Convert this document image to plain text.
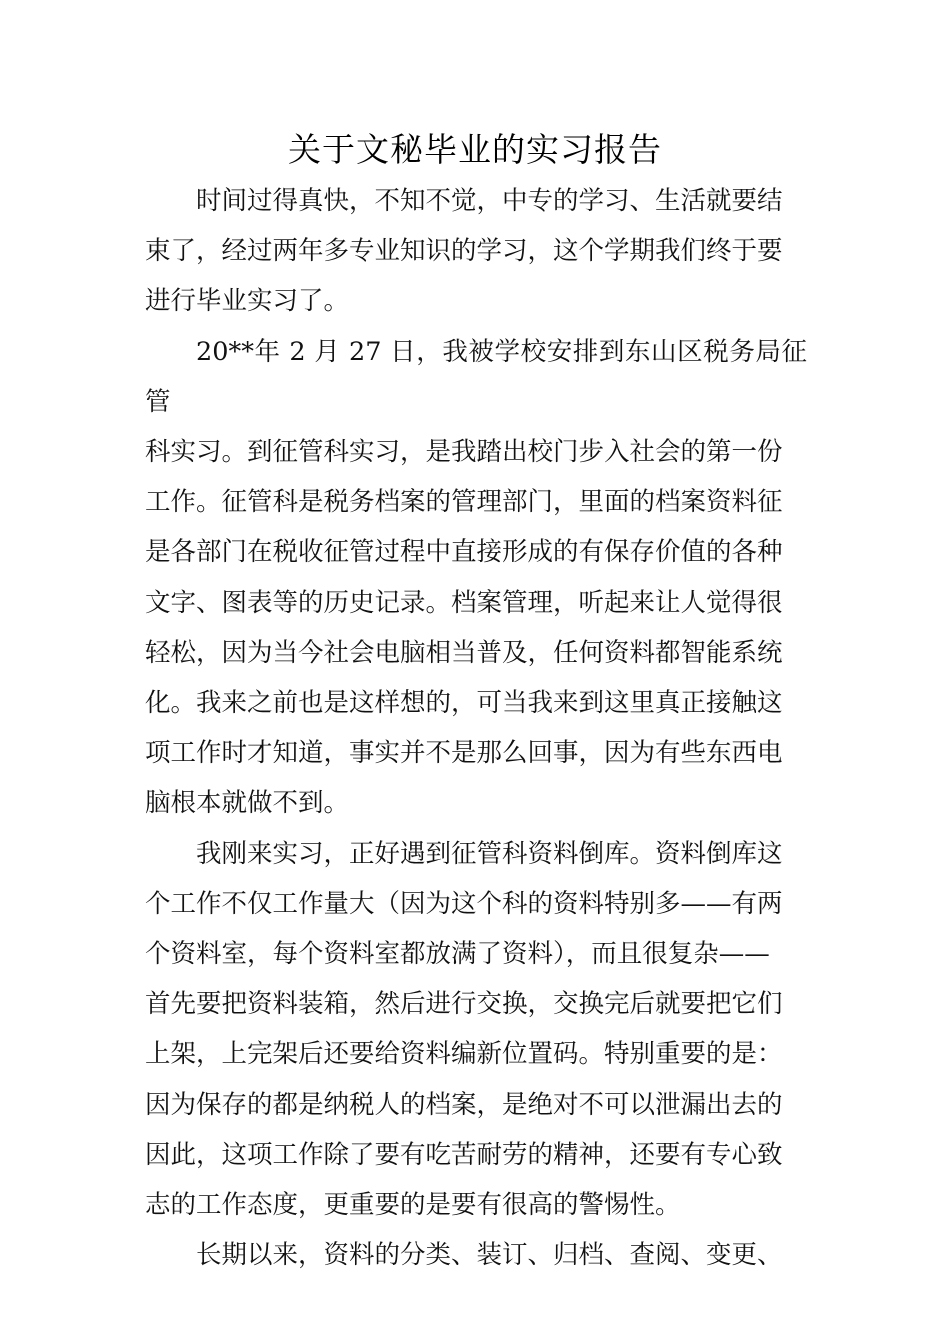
关于文秘毕业的实习报告

时间过得真快，不知不觉，中专的学习、生活就要结
束了，经过两年多专业知识的学习，这个学期我们终于要
进行毕业实习了。

20**年 2 月 27 日，我被学校安排到东山区税务局征管
科实习。到征管科实习，是我踏出校门步入社会的第一份
工作。征管科是税务档案的管理部门，里面的档案资料征
是各部门在税收征管过程中直接形成的有保存价值的各种
文字、图表等的历史记录。档案管理，听起来让人觉得很
轻松，因为当今社会电脑相当普及，任何资料都智能系统
化。我来之前也是这样想的，可当我来到这里真正接触这
项工作时才知道，事实并不是那么回事，因为有些东西电
脑根本就做不到。

我刚来实习，正好遇到征管科资料倒库。资料倒库这
个工作不仅工作量大（因为这个科的资料特别多——有两
个资料室，每个资料室都放满了资料），而且很复杂——
首先要把资料装箱，然后进行交换，交换完后就要把它们
上架，上完架后还要给资料编新位置码。特别重要的是：
因为保存的都是纳税人的档案，是绝对不可以泄漏出去的
因此，这项工作除了要有吃苦耐劳的精神，还要有专心致
志的工作态度，更重要的是要有很高的警惕性。

长期以来，资料的分类、装订、归档、查阅、变更、
